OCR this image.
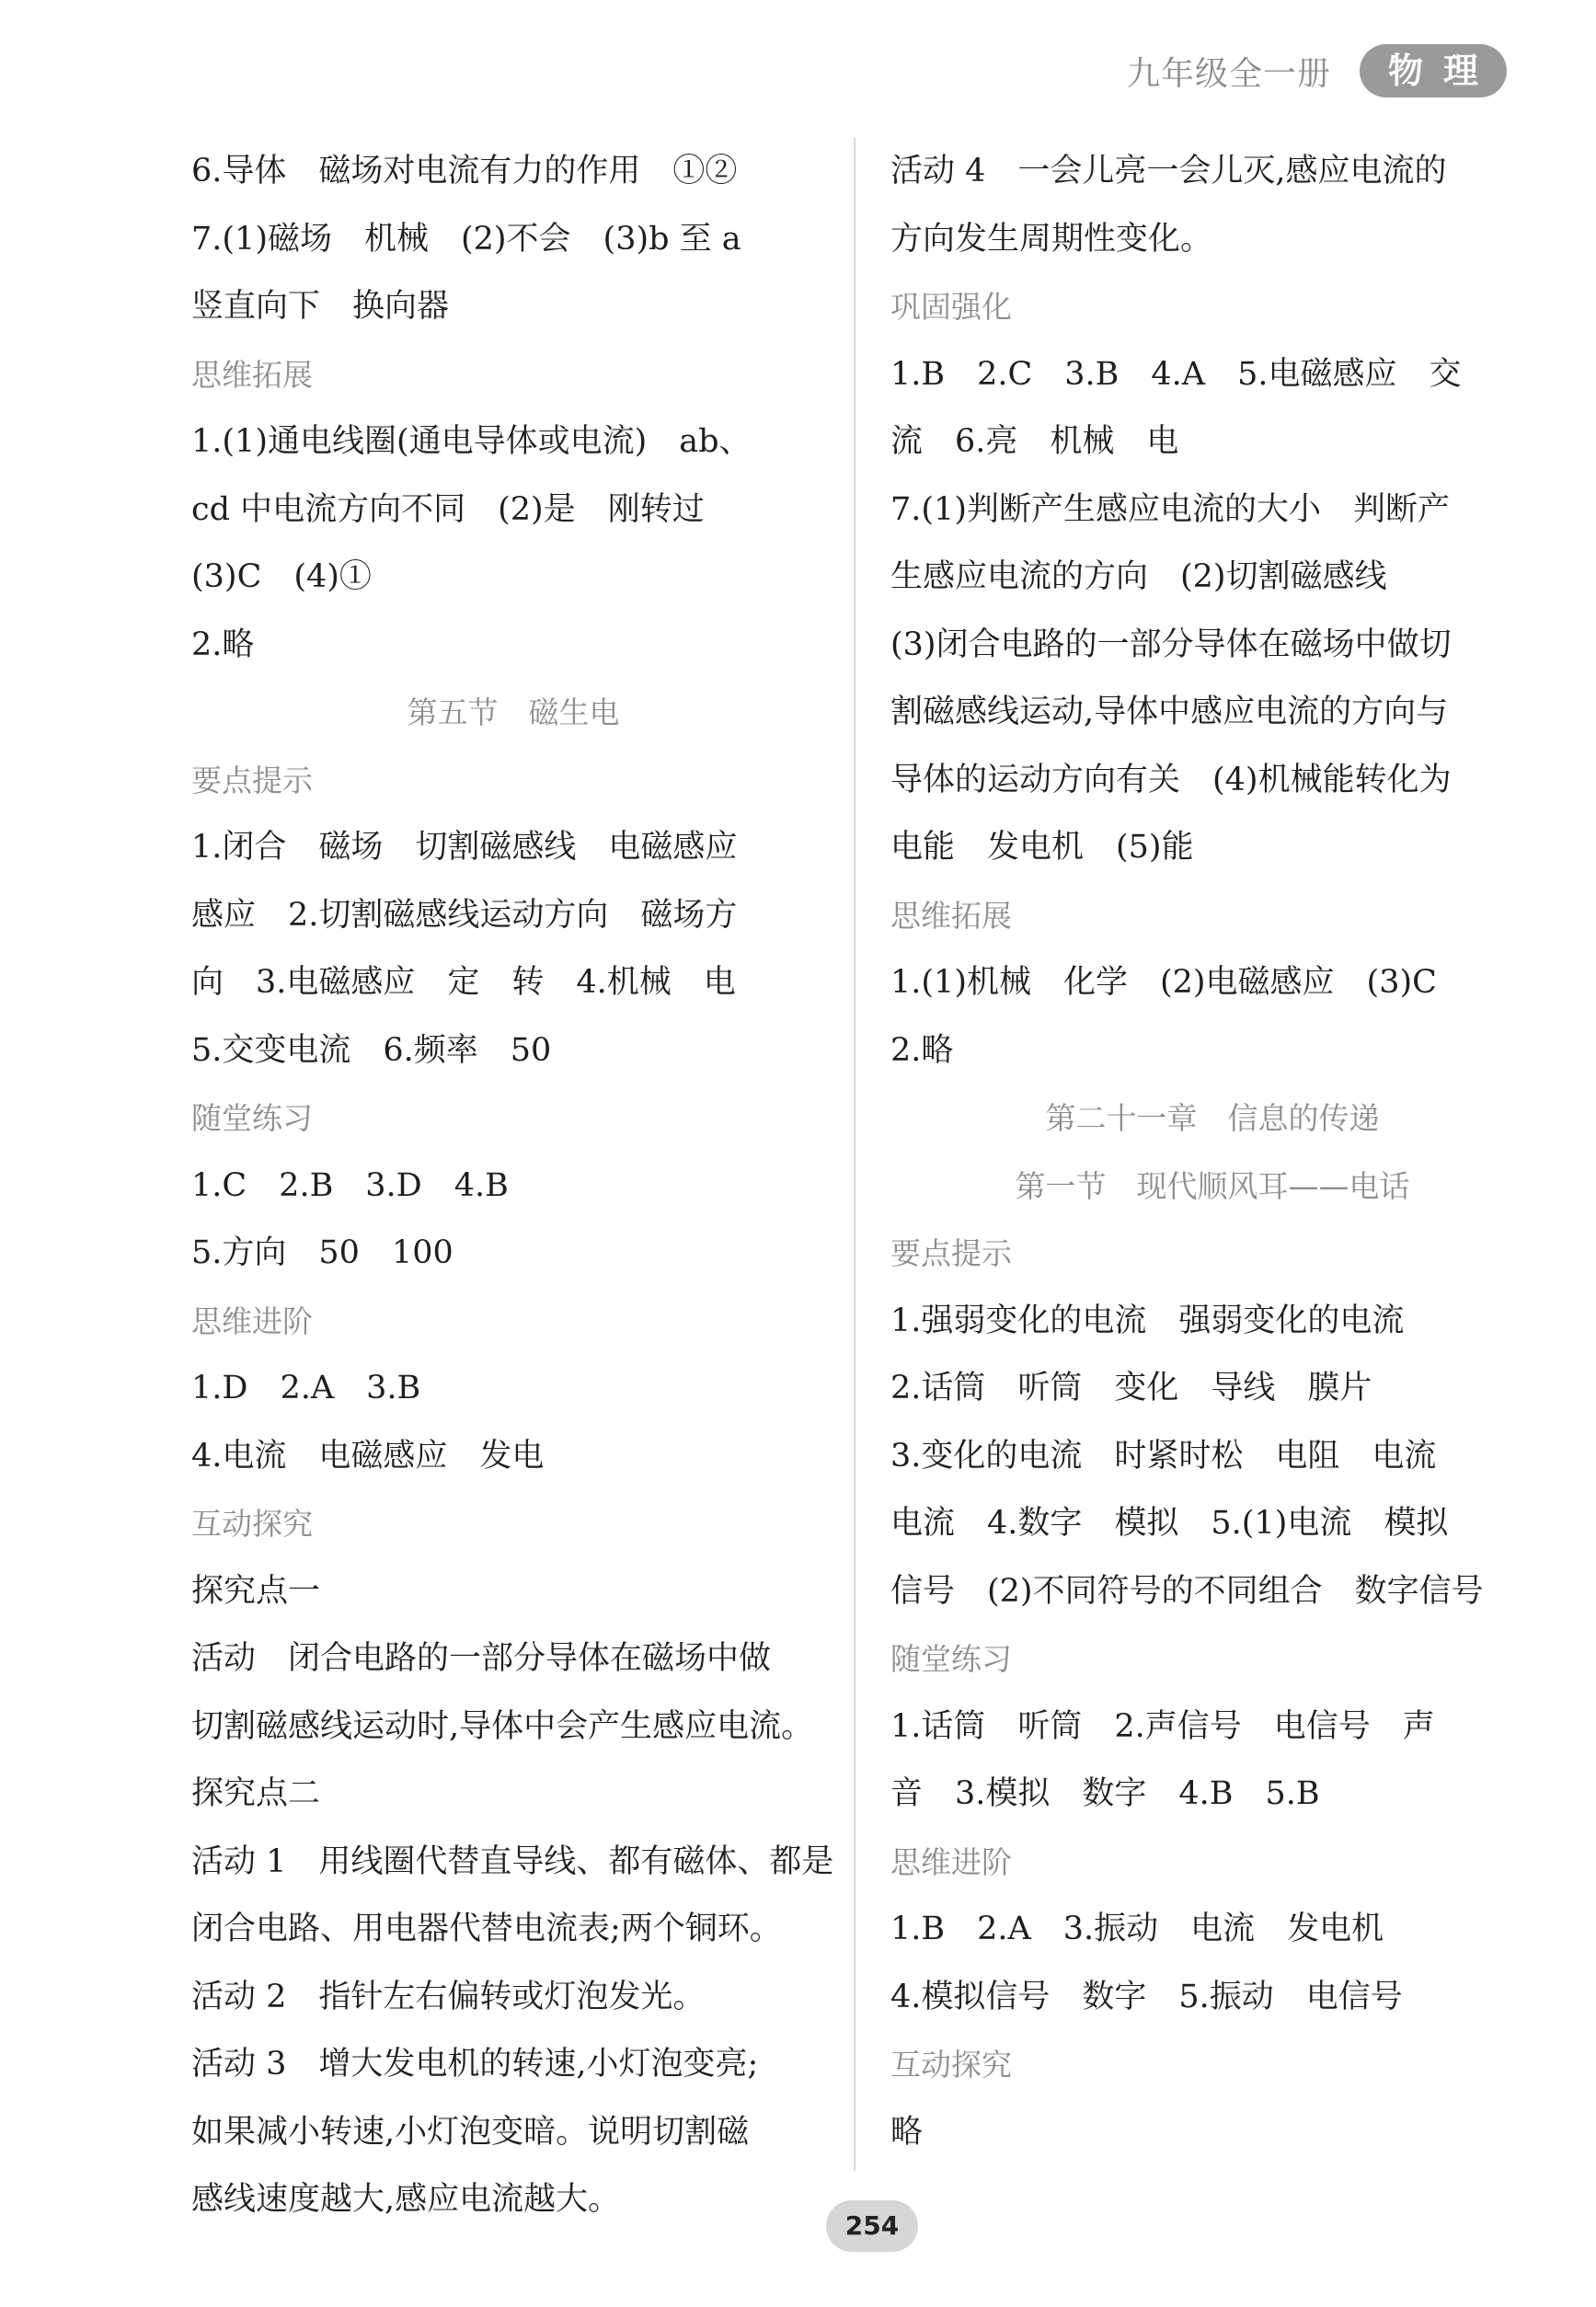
九年级全一册	物理
6.导体　磁场对电流有力的作用　①②
7.(1)磁场　机械　(2)不会　(3)b 至 a
竖直向下　换向器
思维拓展
1.(1)通电线圈(通电导体或电流)　ab、
cd 中电流方向不同　(2)是　刚转过
(3)C　(4)①
2.略
第五节　磁生电
要点提示
1.闭合　磁场　切割磁感线　电磁感应
感应　2.切割磁感线运动方向　磁场方
向　3.电磁感应　定　转　4.机械　电
5.交变电流　6.频率　50
随堂练习
1.C　2.B　3.D　4.B
5.方向　50　100
思维进阶
1.D　2.A　3.B
4.电流　电磁感应　发电
互动探究
探究点一
活动　闭合电路的一部分导体在磁场中做
切割磁感线运动时,导体中会产生感应电流。
探究点二
活动 1　用线圈代替直导线、都有磁体、都是
闭合电路、用电器代替电流表;两个铜环。
活动 2　指针左右偏转或灯泡发光。
活动 3　增大发电机的转速,小灯泡变亮;
如果减小转速,小灯泡变暗。说明切割磁
感线速度越大,感应电流越大。
活动 4　一会儿亮一会儿灭,感应电流的
方向发生周期性变化。
巩固强化
1.B　2.C　3.B　4.A　5.电磁感应　交
流　6.亮　机械　电
7.(1)判断产生感应电流的大小　判断产
生感应电流的方向　(2)切割磁感线
(3)闭合电路的一部分导体在磁场中做切
割磁感线运动,导体中感应电流的方向与
导体的运动方向有关　(4)机械能转化为
电能　发电机　(5)能
思维拓展
1.(1)机械　化学　(2)电磁感应　(3)C
2.略
第二十一章　信息的传递
第一节　现代顺风耳——电话
要点提示
1.强弱变化的电流　强弱变化的电流
2.话筒　听筒　变化　导线　膜片
3.变化的电流　时紧时松　电阻　电流
电流　4.数字　模拟　5.(1)电流　模拟
信号　(2)不同符号的不同组合　数字信号
随堂练习
1.话筒　听筒　2.声信号　电信号　声
音　3.模拟　数字　4.B　5.B
思维进阶
1.B　2.A　3.振动　电流　发电机
4.模拟信号　数字　5.振动　电信号
互动探究
略
254
